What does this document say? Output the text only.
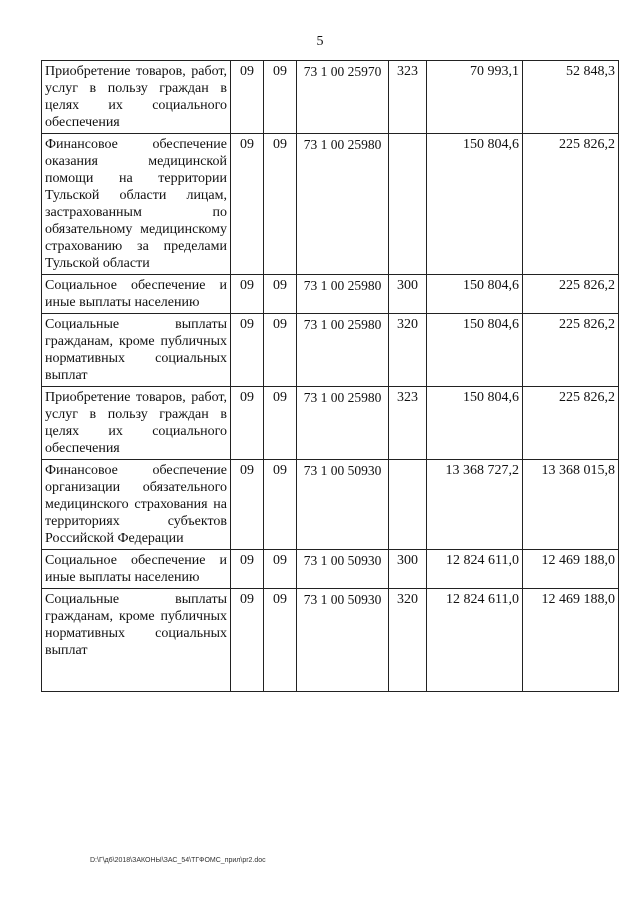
5
Приобретение товаров, работ, услуг в пользу граждан в целях их социального обеспечения	09	09	73 1 00 25970	323	70 993,1	52 848,3
Финансовое обеспечение оказания медицинской помощи на территории Тульской области лицам, застрахованным по обязательному медицинскому страхованию за пределами Тульской области	09	09	73 1 00 25980		150 804,6	225 826,2
Социальное обеспечение и иные выплаты населению	09	09	73 1 00 25980	300	150 804,6	225 826,2
Социальные выплаты гражданам, кроме публичных нормативных социальных выплат	09	09	73 1 00 25980	320	150 804,6	225 826,2
Приобретение товаров, работ, услуг в пользу граждан в целях их социального обеспечения	09	09	73 1 00 25980	323	150 804,6	225 826,2
Финансовое обеспечение организации обязательного медицинского страхования на территориях субъектов Российской Федерации	09	09	73 1 00 50930		13 368 727,2	13 368 015,8
Социальное обеспечение и иные выплаты населению	09	09	73 1 00 50930	300	12 824 611,0	12 469 188,0
Социальные выплаты гражданам, кроме публичных нормативных социальных выплат	09	09	73 1 00 50930	320	12 824 611,0	12 469 188,0
D:\Г\д6\2018\ЗАКОНЫ\ЗАС_54\ТГФОМС_прил\pr2.doc
